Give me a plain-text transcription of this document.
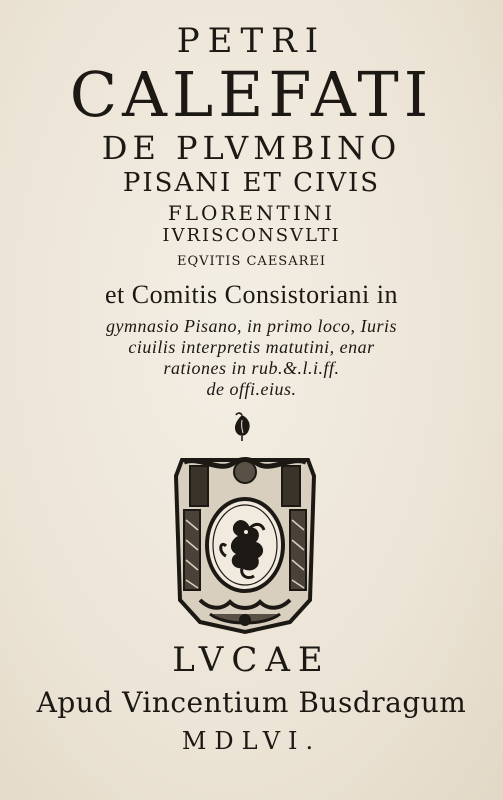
PETRI
CALEFATI
DE PLVMBINO
PISANI ET CIVIS
FLORENTINI
IVRISCONSVLTI
EQVITIS CAESAREI
et Comitis Consistoriani in
gymnasio Pisano, in primo loco, Iuris
ciuilis interpretis matutini, enar
rationes in rub.&.l.i.ff.
de offi.eius.
LVCAE
Apud Vincentium Busdragum
MDLVI.
